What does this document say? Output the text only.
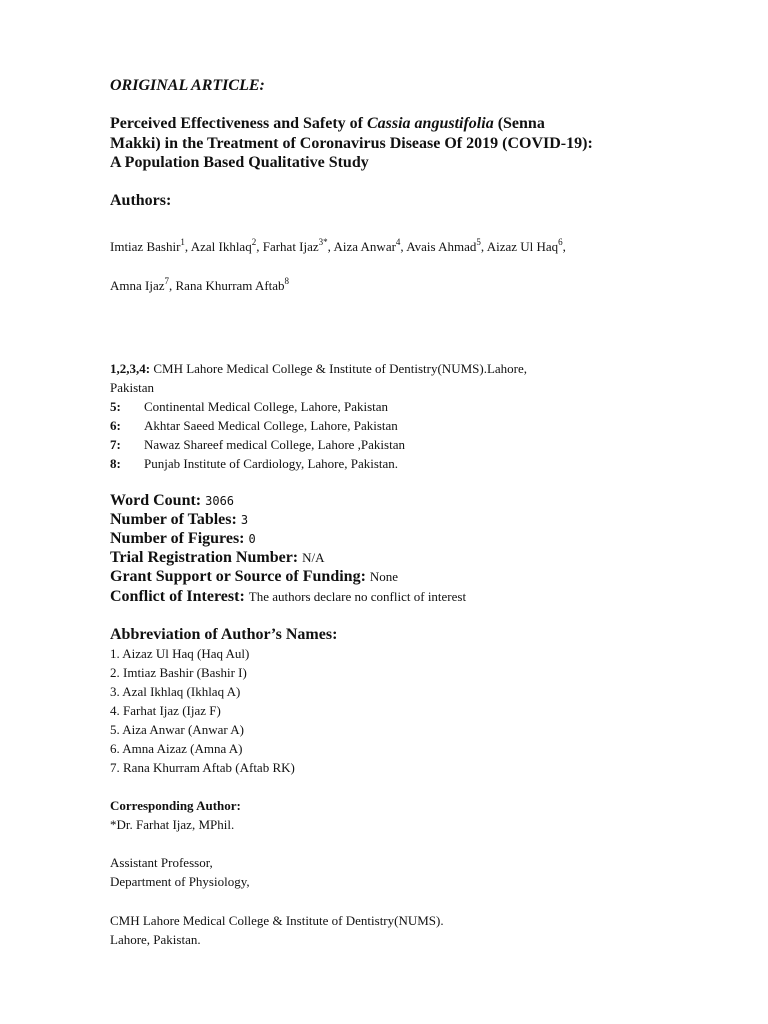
ORIGINAL ARTICLE:
Perceived Effectiveness and Safety of Cassia angustifolia (Senna
Makki) in the Treatment of Coronavirus Disease Of 2019 (COVID-19):
A Population Based Qualitative Study
Authors:
Imtiaz Bashir$^1$, Azal Ikhlaq$^2$, Farhat Ijaz$^{3*}$, Aiza Anwar$^4$, Avais Ahmad$^5$, Aizaz Ul Haq$^6$,
Amna Ijaz$^7$, Rana Khurram Aftab$^8$
1,2,3,4: CMH Lahore Medical College & Institute of Dentistry(NUMS).Lahore,
Pakistan
5: Continental Medical College, Lahore, Pakistan
6: Akhtar Saeed Medical College, Lahore, Pakistan
7: Nawaz Shareef medical College, Lahore ,Pakistan
8: Punjab Institute of Cardiology, Lahore, Pakistan.
Word Count: 3066
Number of Tables: 3
Number of Figures: 0
Trial Registration Number: N/A
Grant Support or Source of Funding: None
Conflict of Interest: The authors declare no conflict of interest
Abbreviation of Author’s Names:
1. Aizaz Ul Haq (Haq Aul)
2. Imtiaz Bashir (Bashir I)
3. Azal Ikhlaq (Ikhlaq A)
4. Farhat Ijaz (Ijaz F)
5. Aiza Anwar (Anwar A)
6. Amna Aizaz (Amna A)
7. Rana Khurram Aftab (Aftab RK)
Corresponding Author:
*Dr. Farhat Ijaz, MPhil.
Assistant Professor,
Department of Physiology,
CMH Lahore Medical College & Institute of Dentistry(NUMS).
Lahore, Pakistan.
